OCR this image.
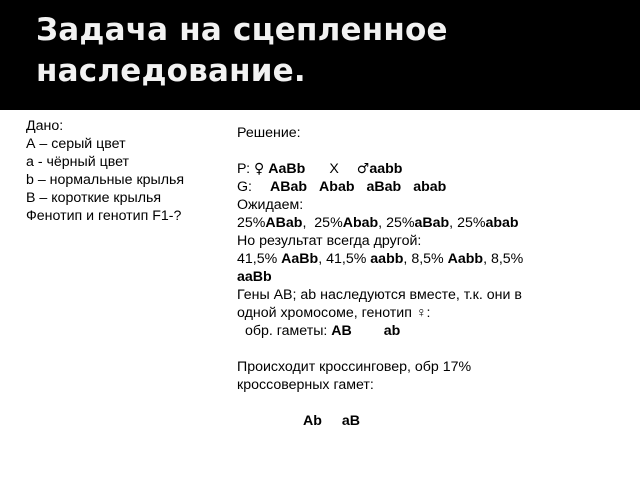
Задача на сцепленное
наследование.
Дано:
А – серый цвет
а - чёрный цвет
b – нормальные крылья
В – короткие крылья
Фенотип и генотип F1-?
Решение:
Р: ♀ AaBb X ♂aabb
G: ABab Abab aBab abab
Ожидаем:
25%ABab,  25%Abab, 25%aBab, 25%abab
Но результат всегда другой:
41,5% AaBb, 41,5% aabb, 8,5% Aabb, 8,5%
aaBb
Гены АВ; аb наследуются вместе, т.к. они в
одной хромосоме, генотип ♀:
обр. гаметы: AB ab
Происходит кроссинговер, обр 17%
кроссоверных гамет:
Ab aB
